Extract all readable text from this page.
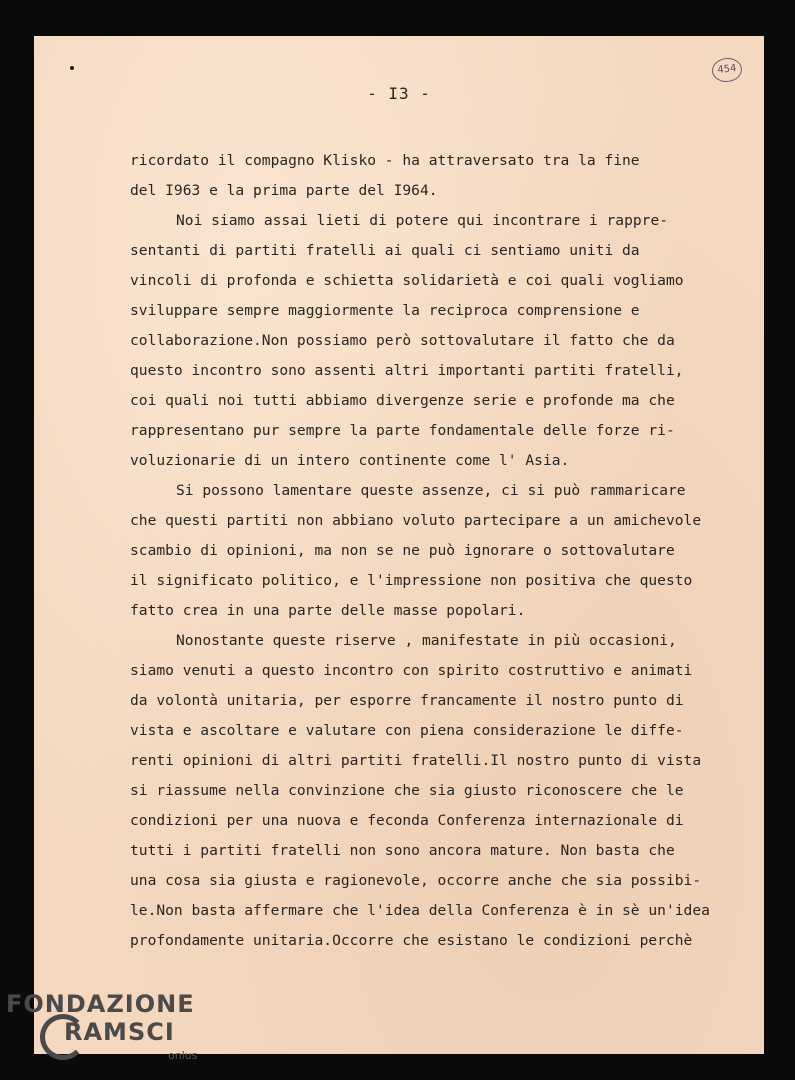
- I3 -
454
ricordato il compagno Klisko - ha attraversato tra la fine
del I963 e la prima parte del I964.
Noi siamo assai lieti di potere qui incontrare i rappre-
sentanti di partiti fratelli ai quali ci sentiamo uniti da
vincoli di profonda e schietta solidarietà e coi quali vogliamo
sviluppare sempre maggiormente la reciproca comprensione e
collaborazione.Non possiamo però sottovalutare il fatto che da
questo incontro sono assenti altri importanti partiti fratelli,
coi quali noi tutti abbiamo divergenze serie e profonde ma che
rappresentano pur sempre la parte fondamentale delle forze ri-
voluzionarie di un intero continente come l' Asia.
Si possono lamentare queste assenze, ci si può rammaricare
che questi partiti non abbiano voluto partecipare a un amichevole
scambio di opinioni, ma non se ne può ignorare o sottovalutare
il significato politico, e l'impressione non positiva che questo
fatto crea in una parte delle masse popolari.
Nonostante queste riserve , manifestate in più occasioni,
siamo venuti a questo incontro con spirito costruttivo e animati
da volontà unitaria, per esporre francamente il nostro punto di
vista e ascoltare e valutare con piena considerazione le diffe-
renti opinioni di altri partiti fratelli.Il nostro punto di vista
si riassume nella convinzione che sia giusto riconoscere che le
condizioni per una nuova e feconda Conferenza internazionale di
tutti i partiti fratelli non sono ancora mature. Non basta che
una cosa sia giusta e ragionevole, occorre anche che sia possibi-
le.Non basta affermare che l'idea della Conferenza è in sè un'idea
profondamente unitaria.Occorre che esistano le condizioni perchè
FONDAZIONE
RAMSCI
onlus
